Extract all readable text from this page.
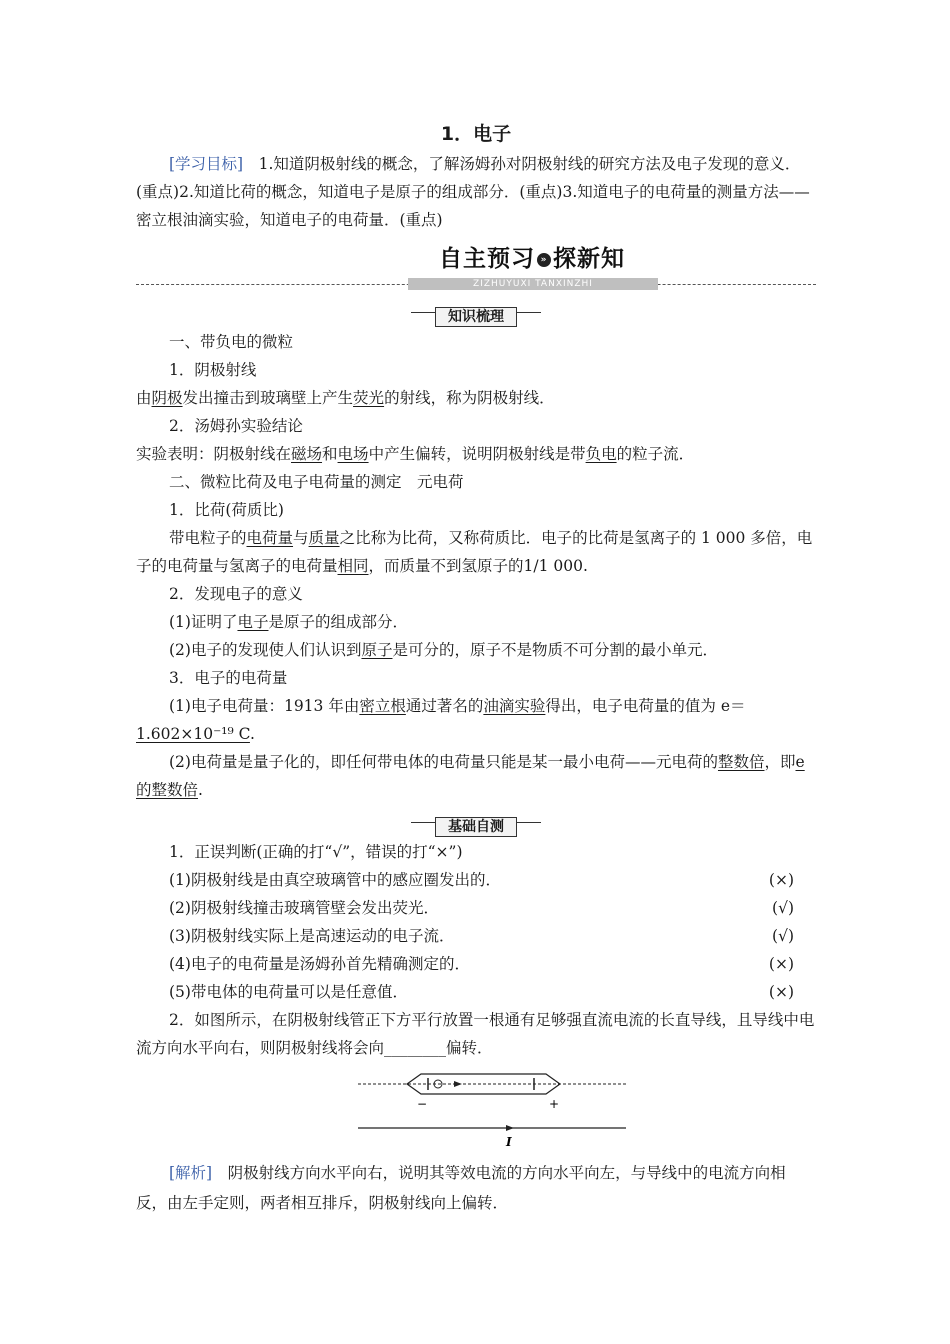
1．电子
[学习目标]　 1.知道阴极射线的概念，了解汤姆孙对阴极射线的研究方法及电子发现的意义．(重点)2.知道比荷的概念，知道电子是原子的组成部分．(重点)3.知道电子的电荷量的测量方法——密立根油滴实验，知道电子的电荷量．(重点)
自主预习 » 探新知
ZIZHUYUXI TANXINZHI
知识梳理

一、带负电的微粒

1．阴极射线

由阴极发出撞击到玻璃壁上产生荧光的射线，称为阴极射线．

2．汤姆孙实验结论

实验表明：阴极射线在磁场和电场中产生偏转，说明阴极射线是带负电的粒子流．

二、微粒比荷及电子电荷量的测定　元电荷

1．比荷(荷质比)

带电粒子的电荷量与质量之比称为比荷，又称荷质比．电子的比荷是氢离子的 1 000 多倍，电子的电荷量与氢离子的电荷量相同，而质量不到氢原子的1/1 000.

2．发现电子的意义

(1)证明了电子是原子的组成部分．

(2)电子的发现使人们认识到原子是可分的，原子不是物质不可分割的最小单元．

3．电子的电荷量

(1)电子电荷量：1913 年由密立根通过著名的油滴实验得出，电子电荷量的值为 e＝1.602×10⁻¹⁹ C.

(2)电荷量是量子化的，即任何带电体的电荷量只能是某一最小电荷——元电荷的整数倍，即e的整数倍.

基础自测

1．正误判断(正确的打“√”，错误的打“×”)

(1)阴极射线是由真空玻璃管中的感应圈发出的．	(×)
(2)阴极射线撞击玻璃管壁会发出荧光．	(√)
(3)阴极射线实际上是高速运动的电子流．	(√)
(4)电子的电荷量是汤姆孙首先精确测定的．	(×)
(5)带电体的电荷量可以是任意值．	(×)

2．如图所示，在阴极射线管正下方平行放置一根通有足够强直流电流的长直导线，且导线中电流方向水平向右，则阴极射线将会向________偏转．

−	+
I

[解析]　阴极射线方向水平向右，说明其等效电流的方向水平向左，与导线中的电流方向相反，由左手定则，两者相互排斥，阴极射线向上偏转．
